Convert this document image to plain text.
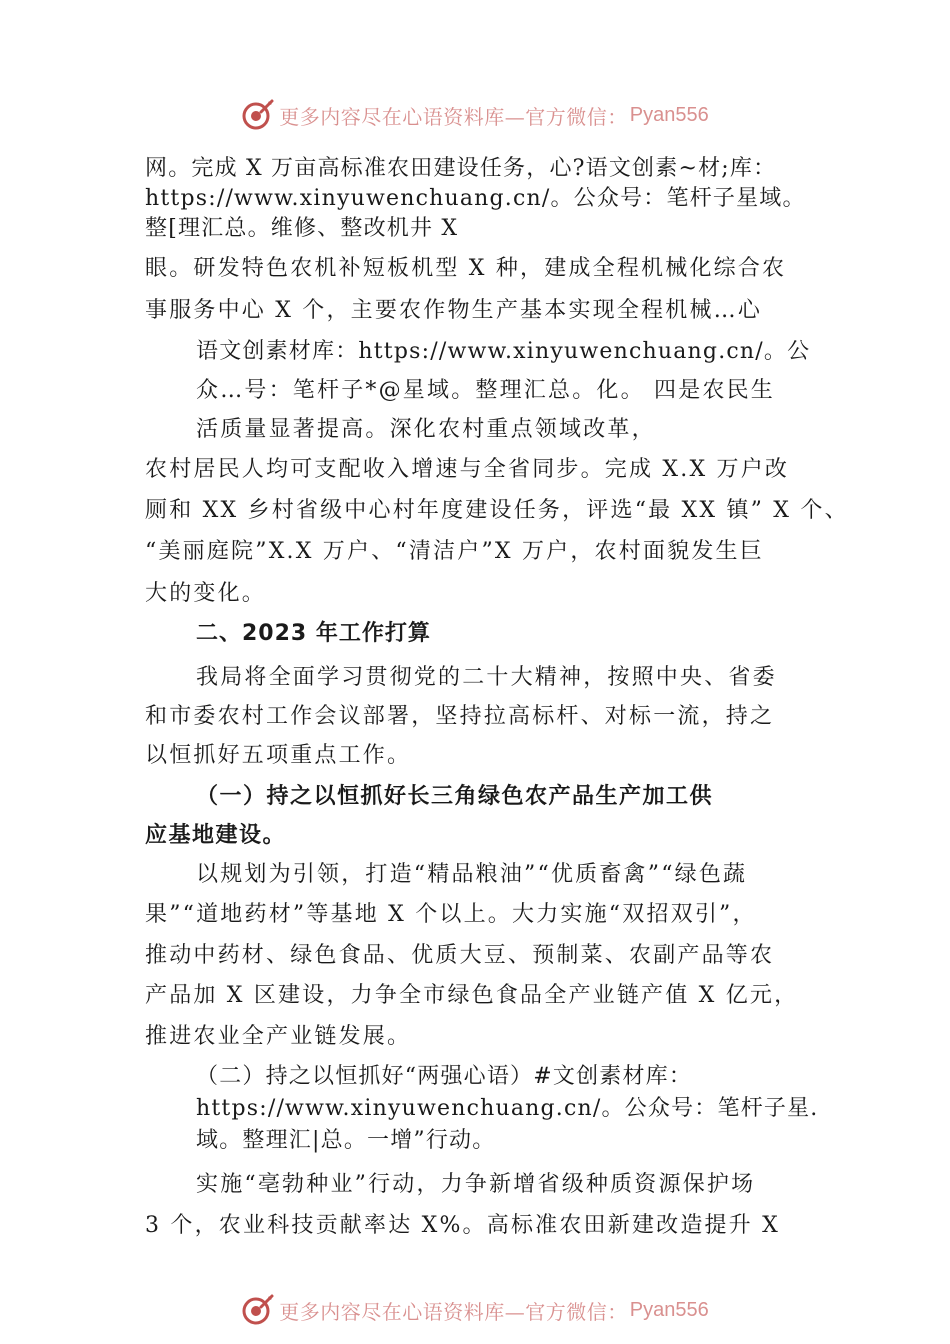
更多内容尽在心语资料库—官方微信： Pyan556
网。完成 X 万亩高标准农田建设任务，心?语文创素~材;库：
https://www.xinyuwenchuang.cn/。公众号：笔杆子星域。
整[理汇总。维修、整改机井 X
眼。研发特色农机补短板机型 X 种，建成全程机械化综合农
事服务中心 X 个，主要农作物生产基本实现全程机械…心
语文创素材库：https://www.xinyuwenchuang.cn/。公
众…号：笔杆子*@星域。整理汇总。化。 四是农民生
活质量显著提高。深化农村重点领域改革，
农村居民人均可支配收入增速与全省同步。完成 X.X 万户改
厕和 XX 乡村省级中心村年度建设任务，评选“最 XX 镇” X 个、
“美丽庭院”X.X 万户、“清洁户”X 万户，农村面貌发生巨
大的变化。
二、2023 年工作打算
我局将全面学习贯彻党的二十大精神，按照中央、省委
和市委农村工作会议部署，坚持拉高标杆、对标一流，持之
以恒抓好五项重点工作。
（一）持之以恒抓好长三角绿色农产品生产加工供
应基地建设。
以规划为引领，打造“精品粮油”“优质畜禽”“绿色蔬
果”“道地药材”等基地 X 个以上。大力实施“双招双引”，
推动中药材、绿色食品、优质大豆、预制菜、农副产品等农
产品加 X 区建设，力争全市绿色食品全产业链产值 X 亿元，
推进农业全产业链发展。
（二）持之以恒抓好“两强心语）#文创素材库：
https://www.xinyuwenchuang.cn/。公众号：笔杆子星.
域。整理汇|总。一增”行动。
实施“亳勃种业”行动，力争新增省级种质资源保护场
3 个，农业科技贡献率达 X%。高标准农田新建改造提升 X
更多内容尽在心语资料库—官方微信： Pyan556
